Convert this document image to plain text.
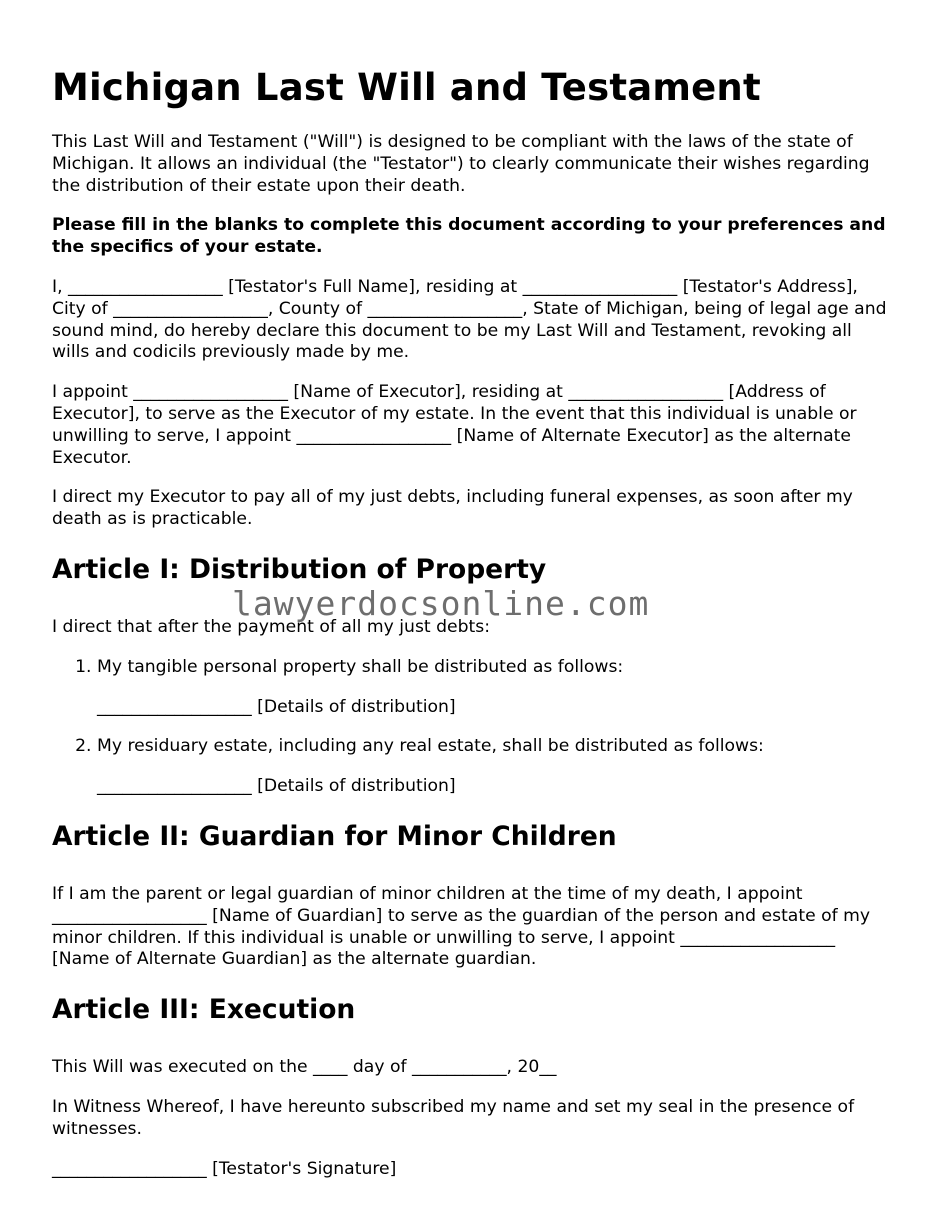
Michigan Last Will and Testament

This Last Will and Testament ("Will") is designed to be compliant with the laws of the state of Michigan. It allows an individual (the "Testator") to clearly communicate their wishes regarding the distribution of their estate upon their death.

Please fill in the blanks to complete this document according to your preferences and the specifics of your estate.

I, __________________ [Testator's Full Name], residing at __________________ [Testator's Address], City of __________________, County of __________________, State of Michigan, being of legal age and sound mind, do hereby declare this document to be my Last Will and Testament, revoking all wills and codicils previously made by me.

I appoint __________________ [Name of Executor], residing at __________________ [Address of Executor], to serve as the Executor of my estate. In the event that this individual is unable or unwilling to serve, I appoint __________________ [Name of Alternate Executor] as the alternate Executor.

I direct my Executor to pay all of my just debts, including funeral expenses, as soon after my death as is practicable.

Article I: Distribution of Property

I direct that after the payment of all my just debts:

1. My tangible personal property shall be distributed as follows:

__________________ [Details of distribution]

2. My residuary estate, including any real estate, shall be distributed as follows:

__________________ [Details of distribution]

Article II: Guardian for Minor Children

If I am the parent or legal guardian of minor children at the time of my death, I appoint __________________ [Name of Guardian] to serve as the guardian of the person and estate of my minor children. If this individual is unable or unwilling to serve, I appoint __________________ [Name of Alternate Guardian] as the alternate guardian.

Article III: Execution

This Will was executed on the ____ day of ___________, 20__

In Witness Whereof, I have hereunto subscribed my name and set my seal in the presence of witnesses.

__________________ [Testator's Signature]

lawyerdocsonline.com
